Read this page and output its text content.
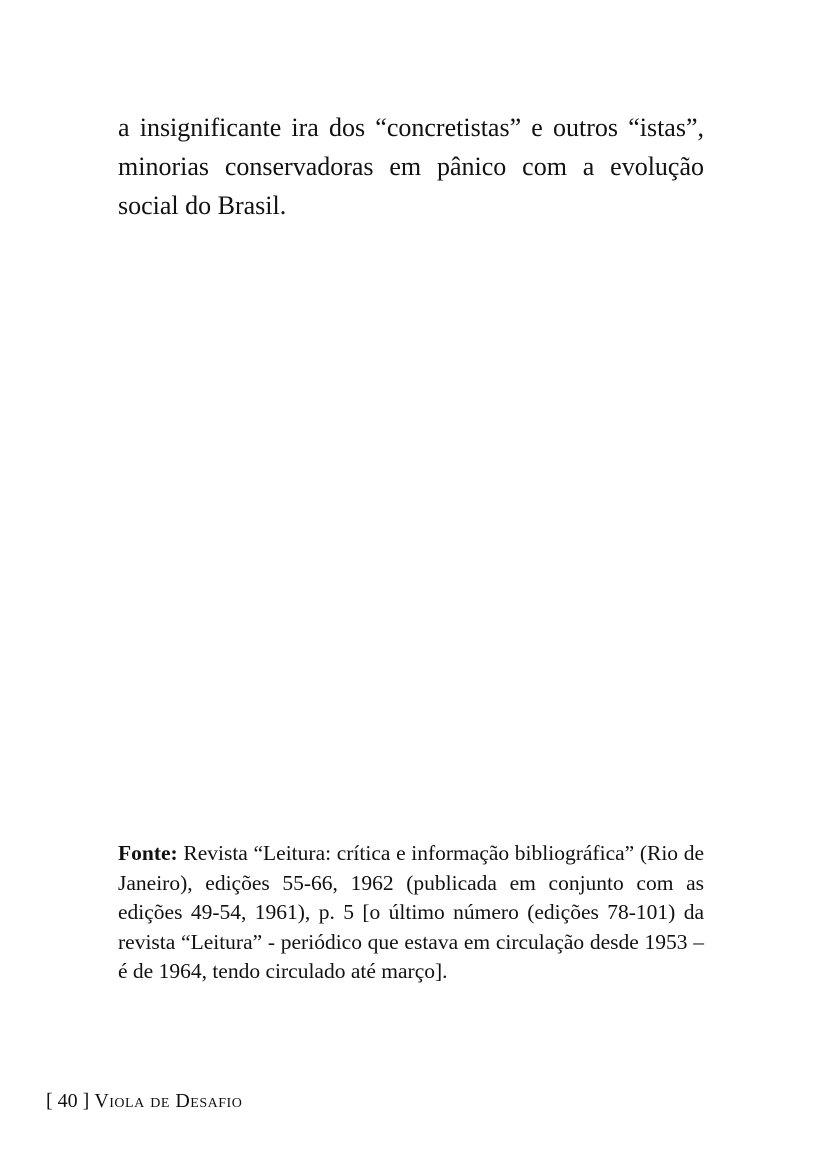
a insignificante ira dos “concretistas” e outros “istas”, minorias conservadoras em pânico com a evolução social do Brasil.

Fonte: Revista “Leitura: crítica e informação bibliográfica” (Rio de Janeiro), edições 55-66, 1962 (publicada em conjunto com as edições 49-54, 1961), p. 5 [o último número (edições 78-101) da revista “Leitura” - periódico que estava em circulação desde 1953 – é de 1964, tendo circulado até março].

[ 40 ] Viola de Desafio
